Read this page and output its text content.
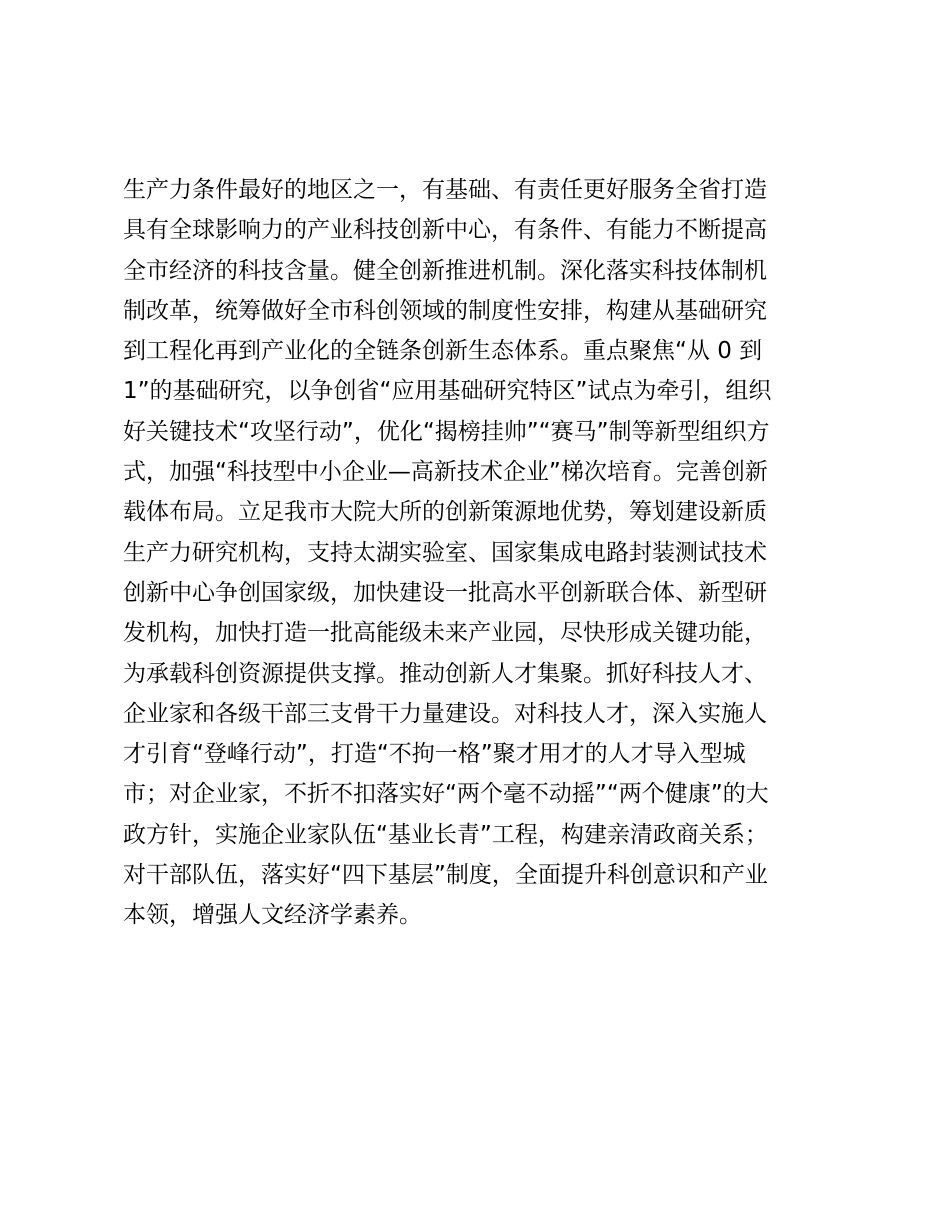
生产力条件最好的地区之一，有基础、有责任更好服务全省打造
具有全球影响力的产业科技创新中心，有条件、有能力不断提高
全市经济的科技含量。健全创新推进机制。深化落实科技体制机
制改革，统筹做好全市科创领域的制度性安排，构建从基础研究
到工程化再到产业化的全链条创新生态体系。重点聚焦“从 0 到
1”的基础研究，以争创省“应用基础研究特区”试点为牵引，组织
好关键技术“攻坚行动”，优化“揭榜挂帅”“赛马”制等新型组织方
式，加强“科技型中小企业—高新技术企业”梯次培育。完善创新
载体布局。立足我市大院大所的创新策源地优势，筹划建设新质
生产力研究机构，支持太湖实验室、国家集成电路封装测试技术
创新中心争创国家级，加快建设一批高水平创新联合体、新型研
发机构，加快打造一批高能级未来产业园，尽快形成关键功能，
为承载科创资源提供支撑。推动创新人才集聚。抓好科技人才、
企业家和各级干部三支骨干力量建设。对科技人才，深入实施人
才引育“登峰行动”，打造“不拘一格”聚才用才的人才导入型城
市；对企业家，不折不扣落实好“两个毫不动摇”“两个健康”的大
政方针，实施企业家队伍“基业长青”工程，构建亲清政商关系；
对干部队伍，落实好“四下基层”制度，全面提升科创意识和产业
本领，增强人文经济学素养。
